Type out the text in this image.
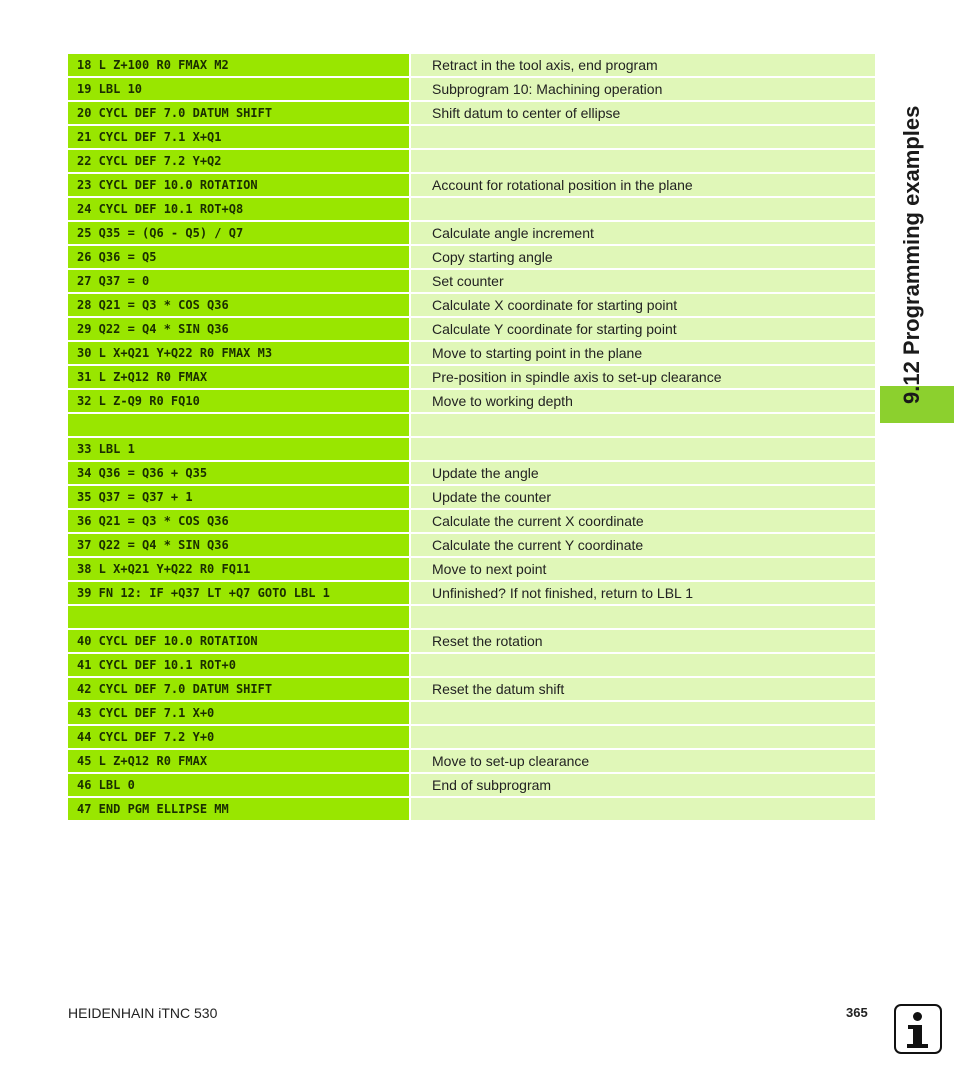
18 L Z+100 R0 FMAX M2	Retract in the tool axis, end program
19 LBL 10	Subprogram 10: Machining operation
20 CYCL DEF 7.0 DATUM SHIFT	Shift datum to center of ellipse
21 CYCL DEF 7.1 X+Q1
22 CYCL DEF 7.2 Y+Q2
23 CYCL DEF 10.0 ROTATION	Account for rotational position in the plane
24 CYCL DEF 10.1 ROT+Q8
25 Q35 = (Q6 - Q5) / Q7	Calculate angle increment
26 Q36 = Q5	Copy starting angle
27 Q37 = 0	Set counter
28 Q21 = Q3 * COS Q36	Calculate X coordinate for starting point
29 Q22 = Q4 * SIN Q36	Calculate Y coordinate for starting point
30 L X+Q21 Y+Q22 R0 FMAX M3	Move to starting point in the plane
31 L Z+Q12 R0 FMAX	Pre-position in spindle axis to set-up clearance
32 L Z-Q9 R0 FQ10	Move to working depth
33 LBL 1
34 Q36 = Q36 + Q35	Update the angle
35 Q37 = Q37 + 1	Update the counter
36 Q21 = Q3 * COS Q36	Calculate the current X coordinate
37 Q22 = Q4 * SIN Q36	Calculate the current Y coordinate
38 L X+Q21 Y+Q22 R0 FQ11	Move to next point
39 FN 12: IF +Q37 LT +Q7 GOTO LBL 1	Unfinished? If not finished, return to LBL 1
40 CYCL DEF 10.0 ROTATION	Reset the rotation
41 CYCL DEF 10.1 ROT+0
42 CYCL DEF 7.0 DATUM SHIFT	Reset the datum shift
43 CYCL DEF 7.1 X+0
44 CYCL DEF 7.2 Y+0
45 L Z+Q12 R0 FMAX	Move to set-up clearance
46 LBL 0	End of subprogram
47 END PGM ELLIPSE MM
9.12 Programming examples
HEIDENHAIN iTNC 530	365
